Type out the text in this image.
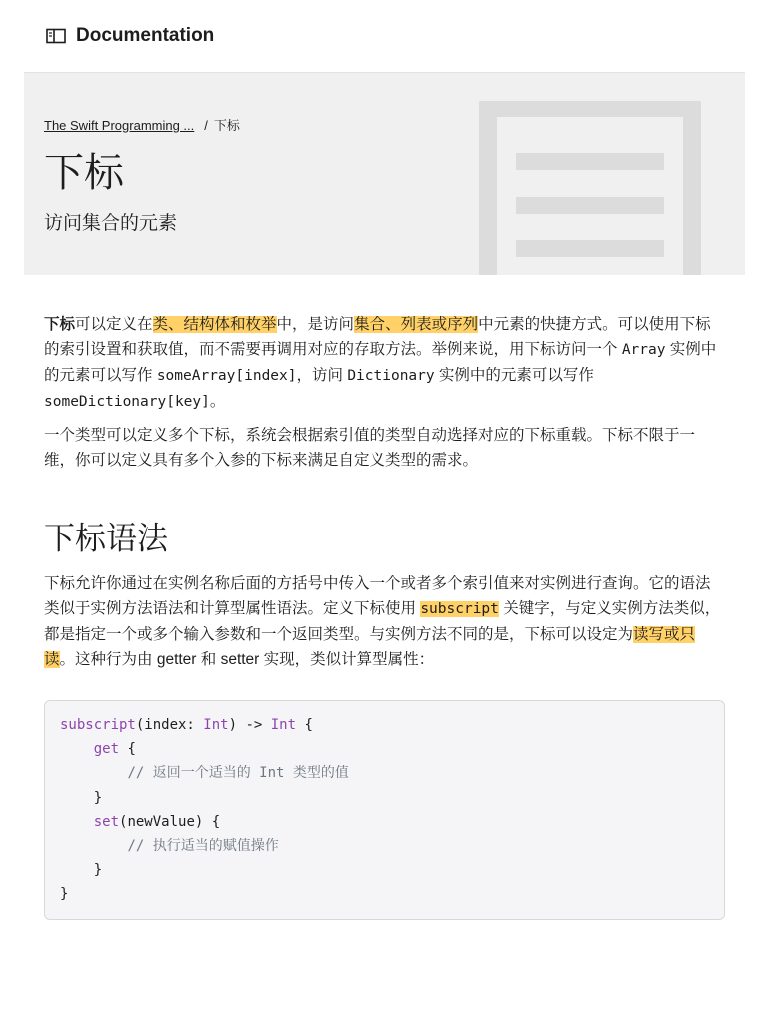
Documentation
The Swift Programming ... / 下标
下标

访问集合的元素

下标可以定义在类、结构体和枚举中，是访问集合、列表或序列中元素的快捷方式。可以使用下标的索引设置和获取值，而不需要再调用对应的存取方法。举例来说，用下标访问一个 Array 实例中的元素可以写作 someArray[index]，访问 Dictionary 实例中的元素可以写作 someDictionary[key]。

一个类型可以定义多个下标，系统会根据索引值的类型自动选择对应的下标重载。下标不限于一维，你可以定义具有多个入参的下标来满足自定义类型的需求。

下标语法

下标允许你通过在实例名称后面的方括号中传入一个或者多个索引值来对实例进行查询。它的语法类似于实例方法语法和计算型属性语法。定义下标使用 subscript 关键字，与定义实例方法类似，都是指定一个或多个输入参数和一个返回类型。与实例方法不同的是，下标可以设定为读写或只读。这种行为由 getter 和 setter 实现，类似计算型属性：

subscript(index: Int) -> Int {
get {
// 返回一个适当的 Int 类型的值
}
set(newValue) {
// 执行适当的赋值操作
}
}
